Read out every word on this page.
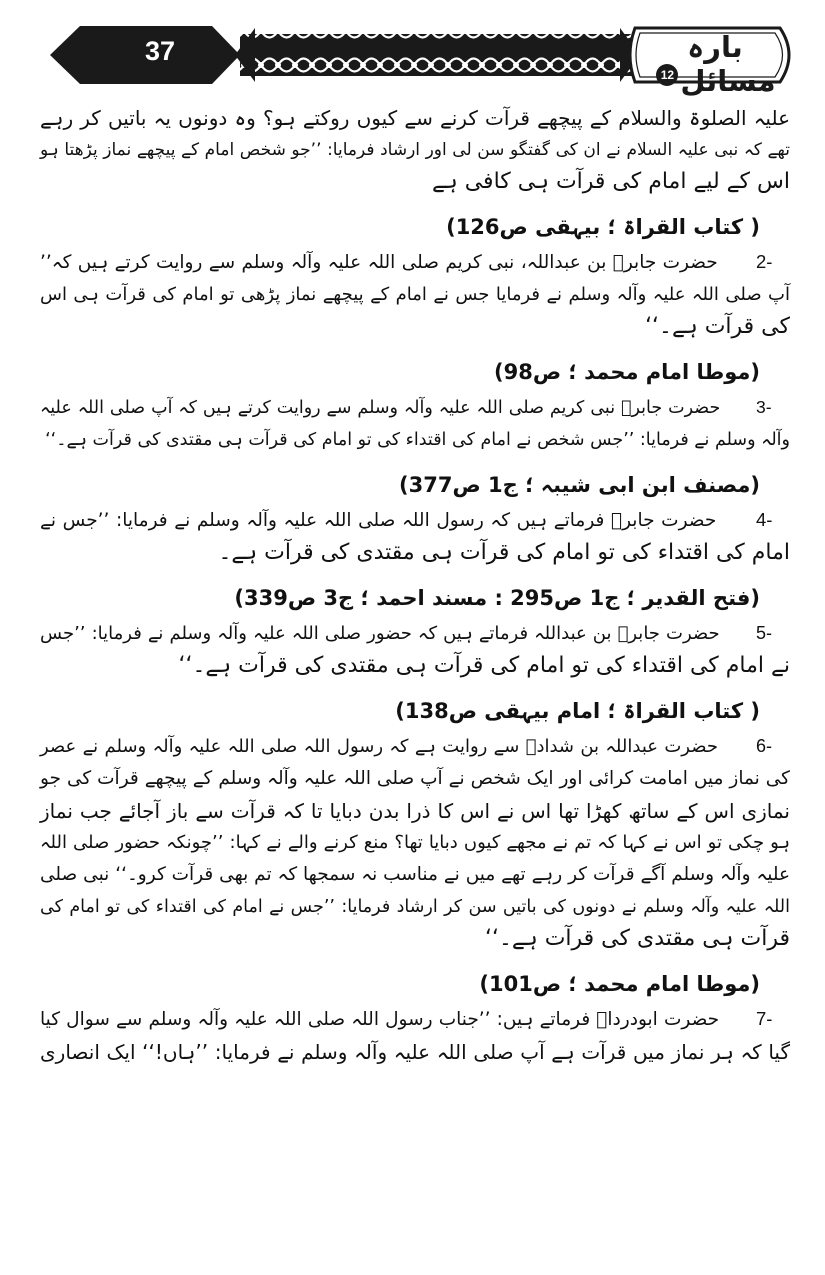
37	بارہ مسائل12
علیہ الصلوۃ والسلام کے پیچھے قرآت کرنے سے کیوں روکتے ہو؟ وہ دونوں یہ باتیں کر رہے
تھے کہ نبی علیہ السلام نے ان کی گفتگو سن لی اور ارشاد فرمایا: ’’جو شخص امام کے پیچھے نماز پڑھتا ہو
اس کے لیے امام کی قرآت ہی کافی ہے
( کتاب القراۃ ؛ بیہقی ص126)
2-      حضرت جابرؓ بن عبداللہ، نبی کریم صلی اللہ علیہ وآلہ وسلم سے روایت کرتے ہیں کہ’’
آپ صلی اللہ علیہ وآلہ وسلم نے فرمایا جس نے امام کے پیچھے نماز پڑھی تو امام کی قرآت ہی اس
کی قرآت ہے۔‘‘
(موطا امام محمد ؛ ص98)
3-      حضرت جابرؓ نبی کریم صلی اللہ علیہ وآلہ وسلم سے روایت کرتے ہیں کہ آپ صلی اللہ علیہ
وآلہ وسلم نے فرمایا: ’’جس شخص نے امام کی اقتداء کی تو امام کی قرآت ہی مقتدی کی قرآت ہے۔‘‘
(مصنف ابن ابی شیبہ ؛ ج1 ص377)
4-      حضرت جابرؓ فرماتے ہیں کہ رسول اللہ صلی اللہ علیہ وآلہ وسلم نے فرمایا: ’’جس نے
امام کی اقتداء کی تو امام کی قرآت ہی مقتدی کی قرآت ہے۔
(فتح القدیر ؛ ج1 ص295 : مسند احمد ؛ ج3 ص339)
5-      حضرت جابرؓ بن عبداللہ فرماتے ہیں کہ حضور صلی اللہ علیہ وآلہ وسلم نے فرمایا: ’’جس
نے امام کی اقتداء کی تو امام کی قرآت ہی مقتدی کی قرآت ہے۔‘‘
( کتاب القراۃ ؛ امام بیہقی ص138)
6-      حضرت عبداللہ بن شدادؓ سے روایت ہے کہ رسول اللہ صلی اللہ علیہ وآلہ وسلم نے عصر
کی نماز میں امامت کرائی اور ایک شخص نے آپ صلی اللہ علیہ وآلہ وسلم کے پیچھے قرآت کی جو
نمازی اس کے ساتھ کھڑا تھا اس نے اس کا ذرا بدن دبایا تا کہ قرآت سے باز آجائے جب نماز
ہو چکی تو اس نے کہا کہ تم نے مجھے کیوں دبایا تھا؟ منع کرنے والے نے کہا: ’’چونکہ حضور صلی اللہ
علیہ وآلہ وسلم آگے قرآت کر رہے تھے میں نے مناسب نہ سمجھا کہ تم بھی قرآت کرو۔‘‘ نبی صلی
اللہ علیہ وآلہ وسلم نے دونوں کی باتیں سن کر ارشاد فرمایا: ’’جس نے امام کی اقتداء کی تو امام کی
قرآت ہی مقتدی کی قرآت ہے۔‘‘
(موطا امام محمد ؛ ص101)
7-      حضرت ابودرداؓ فرماتے ہیں: ’’جناب رسول اللہ صلی اللہ علیہ وآلہ وسلم سے سوال کیا
گیا کہ ہر نماز میں قرآت ہے آپ صلی اللہ علیہ وآلہ وسلم نے فرمایا: ’’ہاں!‘‘ ایک انصاری
